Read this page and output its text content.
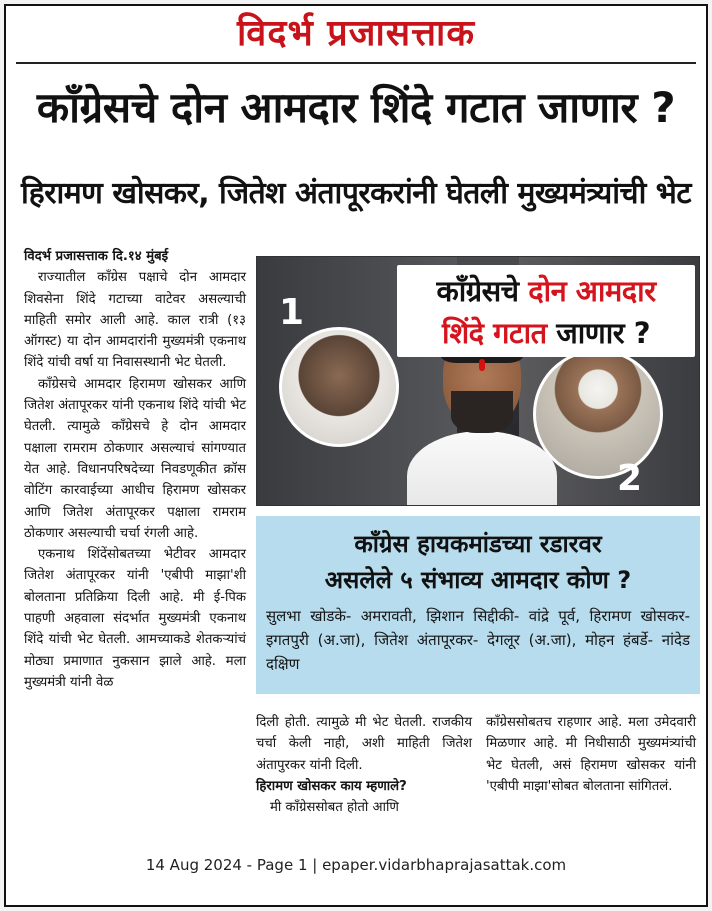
विदर्भ प्रजासत्ताक
काँग्रेसचे दोन आमदार शिंदे गटात जाणार ?
हिरामण खोसकर, जितेश अंतापूरकरांनी घेतली मुख्यमंत्र्यांची भेट
विदर्भ प्रजासत्ताक दि.१४ मुंबई

राज्यातील काँग्रेस पक्षाचे दोन आमदार शिवसेना शिंदे गटाच्या वाटेवर असल्याची माहिती समोर आली आहे. काल रात्री (१३ ऑगस्ट) या दोन आमदारांनी मुख्यमंत्री एकनाथ शिंदे यांची वर्षा या निवासस्थानी भेट घेतली.

काँग्रेसचे आमदार हिरामण खोसकर आणि जितेश अंतापूरकर यांनी एकनाथ शिंदे यांची भेट घेतली. त्यामुळे काँग्रेसचे हे दोन आमदार पक्षाला रामराम ठोकणार असल्याचं सांगण्यात येत आहे. विधानपरिषदेच्या निवडणूकीत क्रॉस वोटिंग कारवाईच्या आधीच हिरामण खोसकर आणि जितेश अंतापूरकर पक्षाला रामराम ठोकणार असल्याची चर्चा रंगली आहे.

एकनाथ शिंदेंसोबतच्या भेटीवर आमदार जितेश अंतापूरकर यांनी 'एबीपी माझा'शी बोलताना प्रतिक्रिया दिली आहे. मी ई-पिक पाहणी अहवाला संदर्भात मुख्यमंत्री एकनाथ शिंदे यांची भेट घेतली. आमच्याकडे शेतकऱ्यांचं मोठ्या प्रमाणात नुकसान झाले आहे. मला मुख्यमंत्री यांनी वेळ

काँग्रेसचे दोन आमदार
शिंदे गटात जाणार ?
1
2
काँग्रेस हायकमांडच्या रडारवर
असलेले ५ संभाव्य आमदार कोण ?
सुलभा खोडके- अमरावती, झिशान सिद्दीकी- वांद्रे पूर्व, हिरामण खोसकर- इगतपुरी (अ.जा), जितेश अंतापूरकर- देगलूर (अ.जा), मोहन हंबर्डे- नांदेड दक्षिण

दिली होती. त्यामुळे मी भेट घेतली. राजकीय चर्चा केली नाही, अशी माहिती जितेश अंतापुरकर यांनी दिली.

हिरामण खोसकर काय म्हणाले?

मी काँग्रेससोबत होतो आणि

काँग्रेससोबतच राहणार आहे. मला उमेदवारी मिळणार आहे. मी निधीसाठी मुख्यमंत्र्यांची भेट घेतली, असं हिरामण खोसकर यांनी 'एबीपी माझा'सोबत बोलताना सांगितलं.

14 Aug 2024 - Page 1 | epaper.vidarbhaprajasattak.com
